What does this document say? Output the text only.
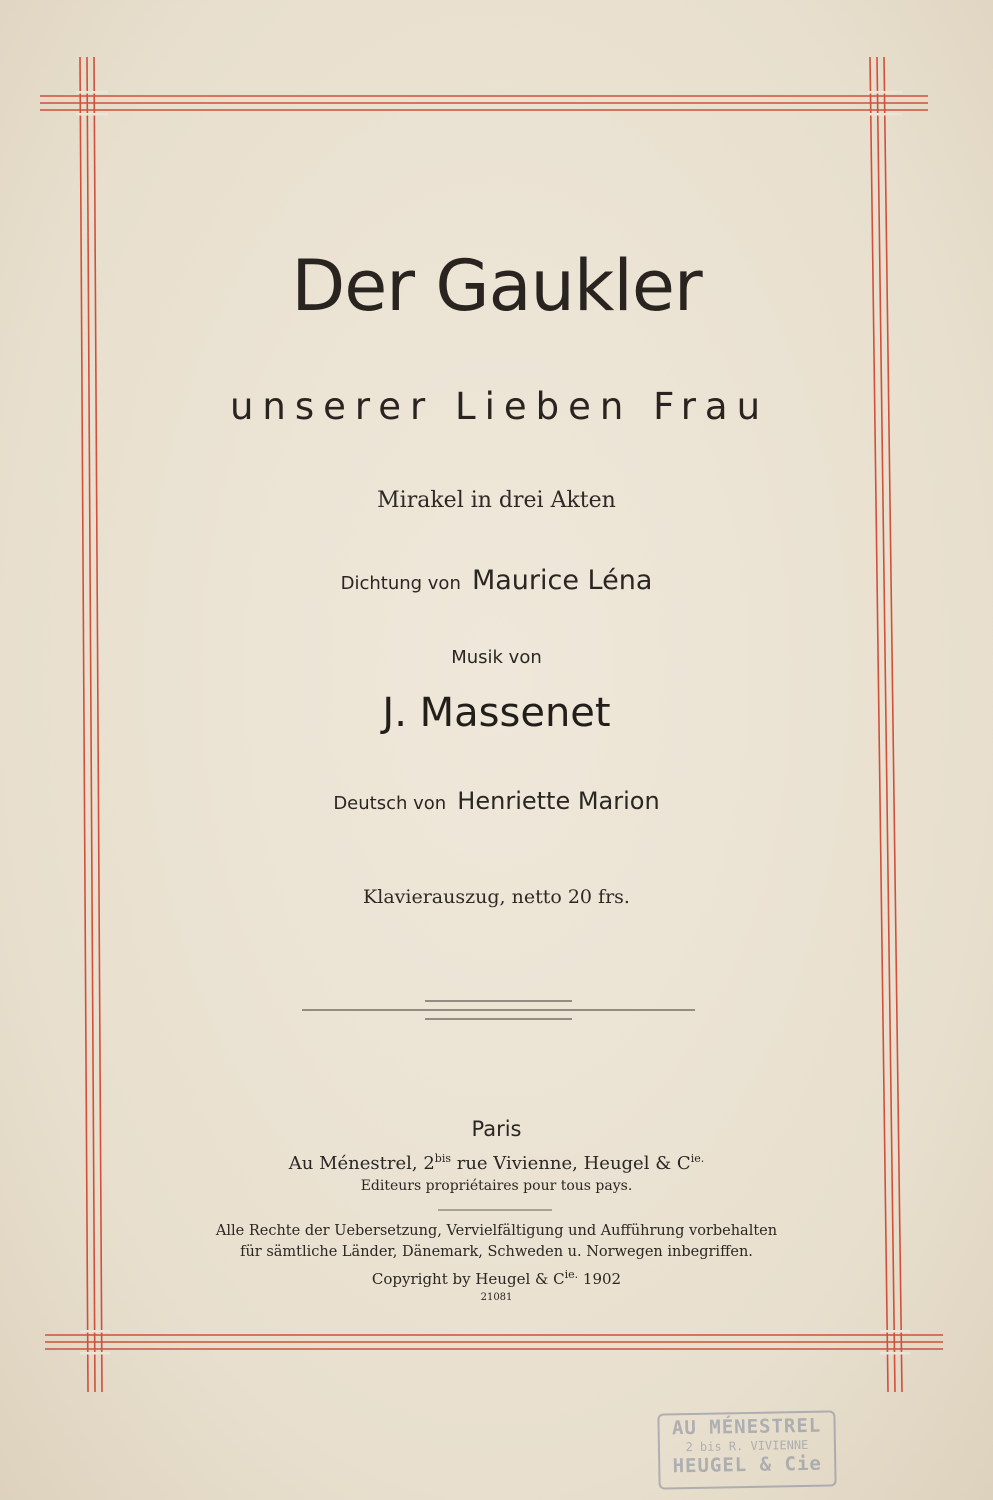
Der Gaukler
unserer Lieben Frau
Mirakel in drei Akten
Dichtung von Maurice Léna
Musik von
J. Massenet
Deutsch von Henriette Marion
Klavierauszug, netto 20 frs.
Paris
Au Ménestrel, $2^{bis}$ rue Vivienne, Heugel & $C^{ie.}$
Editeurs propriétaires pour tous pays.
Alle Rechte der Uebersetzung, Vervielfältigung und Aufführung vorbehalten
für sämtliche Länder, Dänemark, Schweden u. Norwegen inbegriffen.
Copyright by Heugel & $C^{ie.}$ 1902
21081
AU MÉNESTREL
2 bis R. VIVIENNE
HEUGEL & Cie
